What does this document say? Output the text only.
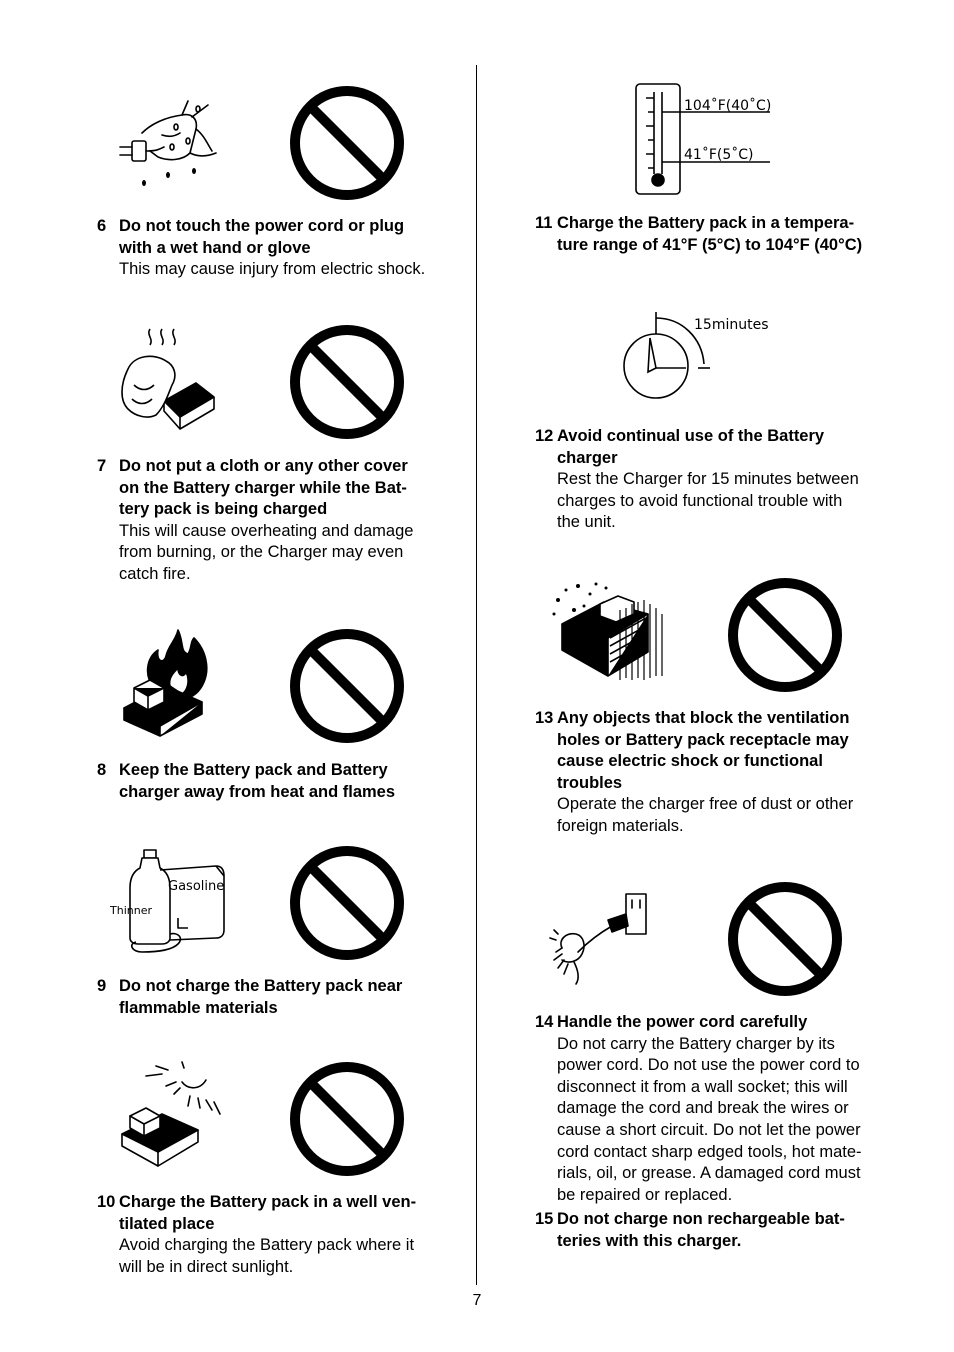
Gasoline
Thinner
104˚F(40˚C)
41˚F(5˚C)
15minutes
6 Do not touch the power cord or plug
with a wet hand or glove
This may cause injury from electric shock.
7 Do not put a cloth or any other cover
on the Battery charger while the Bat-
tery pack is being charged
This will cause overheating and damage
from burning, or the Charger may even
catch fire.
8 Keep the Battery pack and Battery
charger away from heat and flames
9 Do not charge the Battery pack near
flammable materials
10 Charge the Battery pack in a well ven-
tilated place
Avoid charging the Battery pack where it
will be in direct sunlight.
11 Charge the Battery pack in a tempera-
ture range of 41°F (5°C) to 104°F (40°C)
12 Avoid continual use of the Battery
charger
Rest the Charger for 15 minutes between
charges to avoid functional trouble with
the unit.
13 Any objects that block the ventilation
holes or Battery pack receptacle may
cause electric shock or functional
troubles
Operate the charger free of dust or other
foreign materials.
14 Handle the power cord carefully
Do not carry the Battery charger by its
power cord. Do not use the power cord to
disconnect it from a wall socket; this will
damage the cord and break the wires or
cause a short circuit. Do not let the power
cord contact sharp edged tools, hot mate-
rials, oil, or grease. A damaged cord must
be repaired or replaced.
15 Do not charge non rechargeable bat-
teries with this charger.
7
